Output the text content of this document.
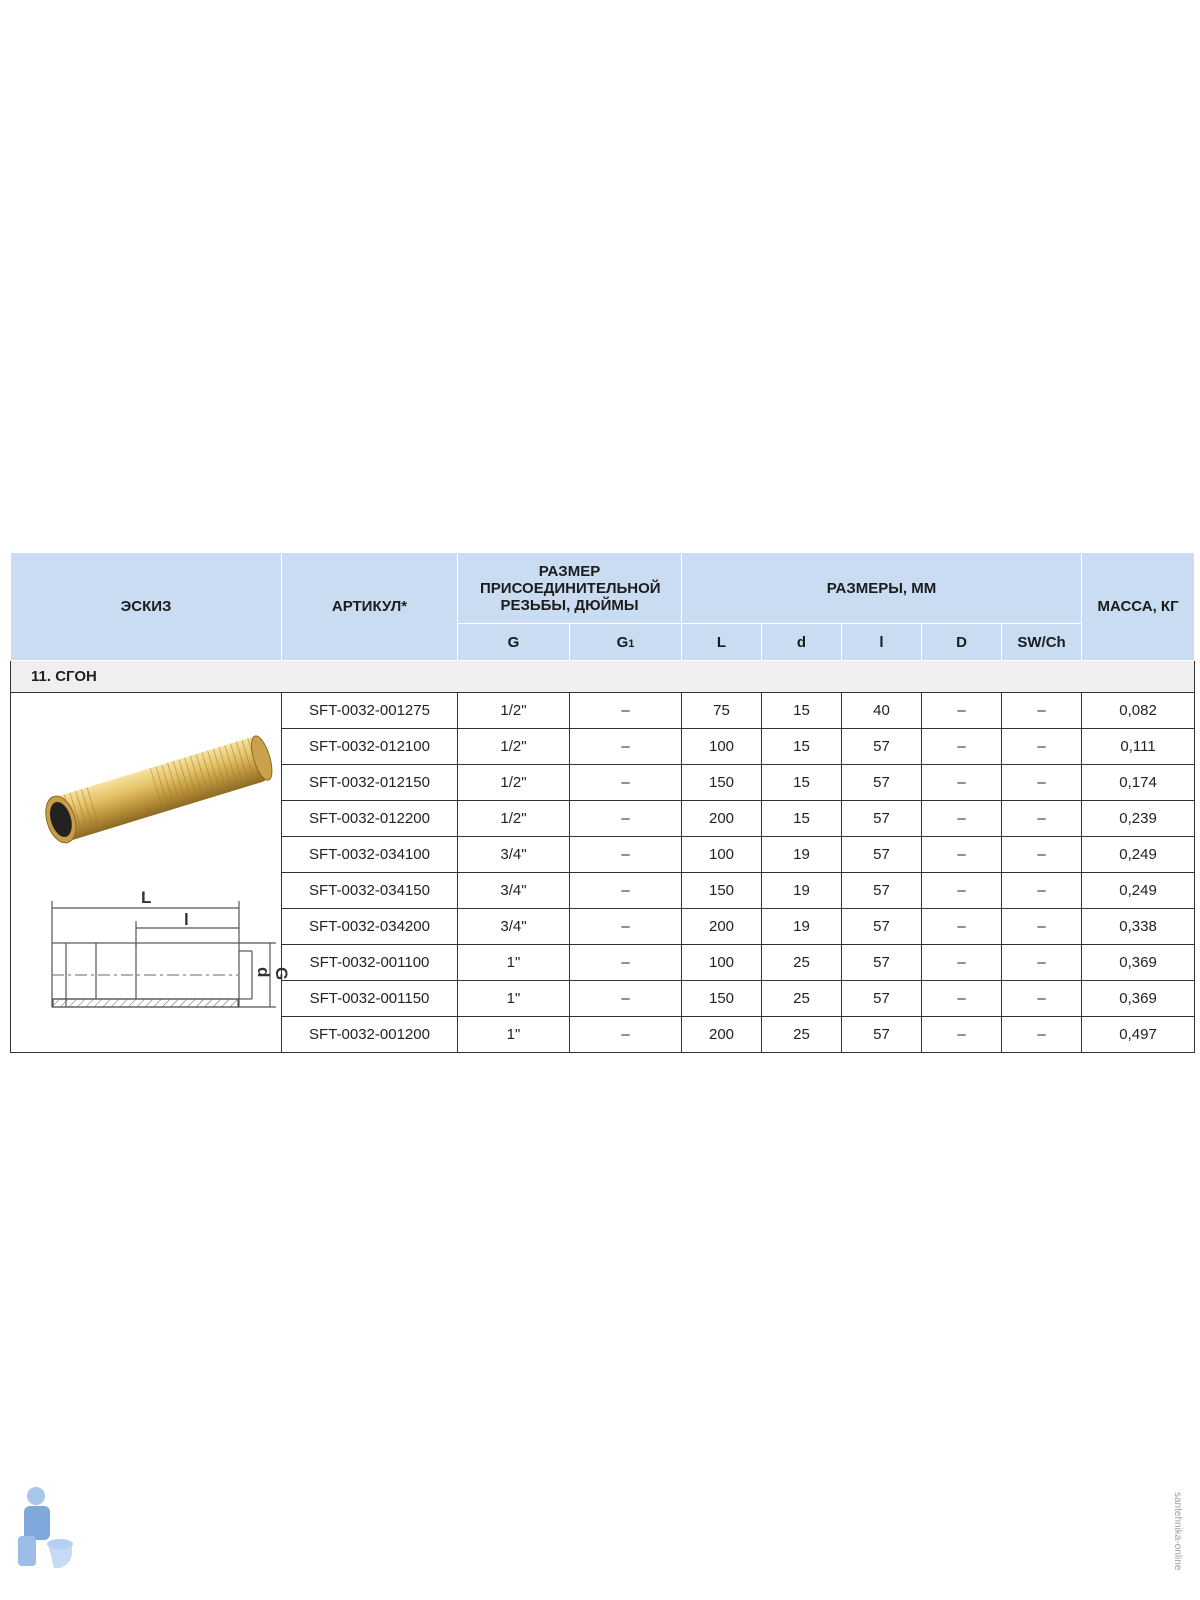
ЭСКИЗ	АРТИКУЛ*	РАЗМЕР ПРИСОЕДИНИТЕЛЬНОЙ РЕЗЬБЫ, ДЮЙМЫ		РАЗМЕРЫ, ММ					МАССА, КГ
		G	G1	L	d	l	D	SW/Ch	
11. СГОН									

L
l
d G	SFT-0032-001275	1/2"	–	75	15	40	–	–	0,082
	SFT-0032-012100	1/2"	–	100	15	57	–	–	0,111
	SFT-0032-012150	1/2"	–	150	15	57	–	–	0,174
	SFT-0032-012200	1/2"	–	200	15	57	–	–	0,239
	SFT-0032-034100	3/4"	–	100	19	57	–	–	0,249
	SFT-0032-034150	3/4"	–	150	19	57	–	–	0,249
	SFT-0032-034200	3/4"	–	200	19	57	–	–	0,338
	SFT-0032-001100	1"	–	100	25	57	–	–	0,369
	SFT-0032-001150	1"	–	150	25	57	–	–	0,369
	SFT-0032-001200	1"	–	200	25	57	–	–	0,497
santehnika-online
